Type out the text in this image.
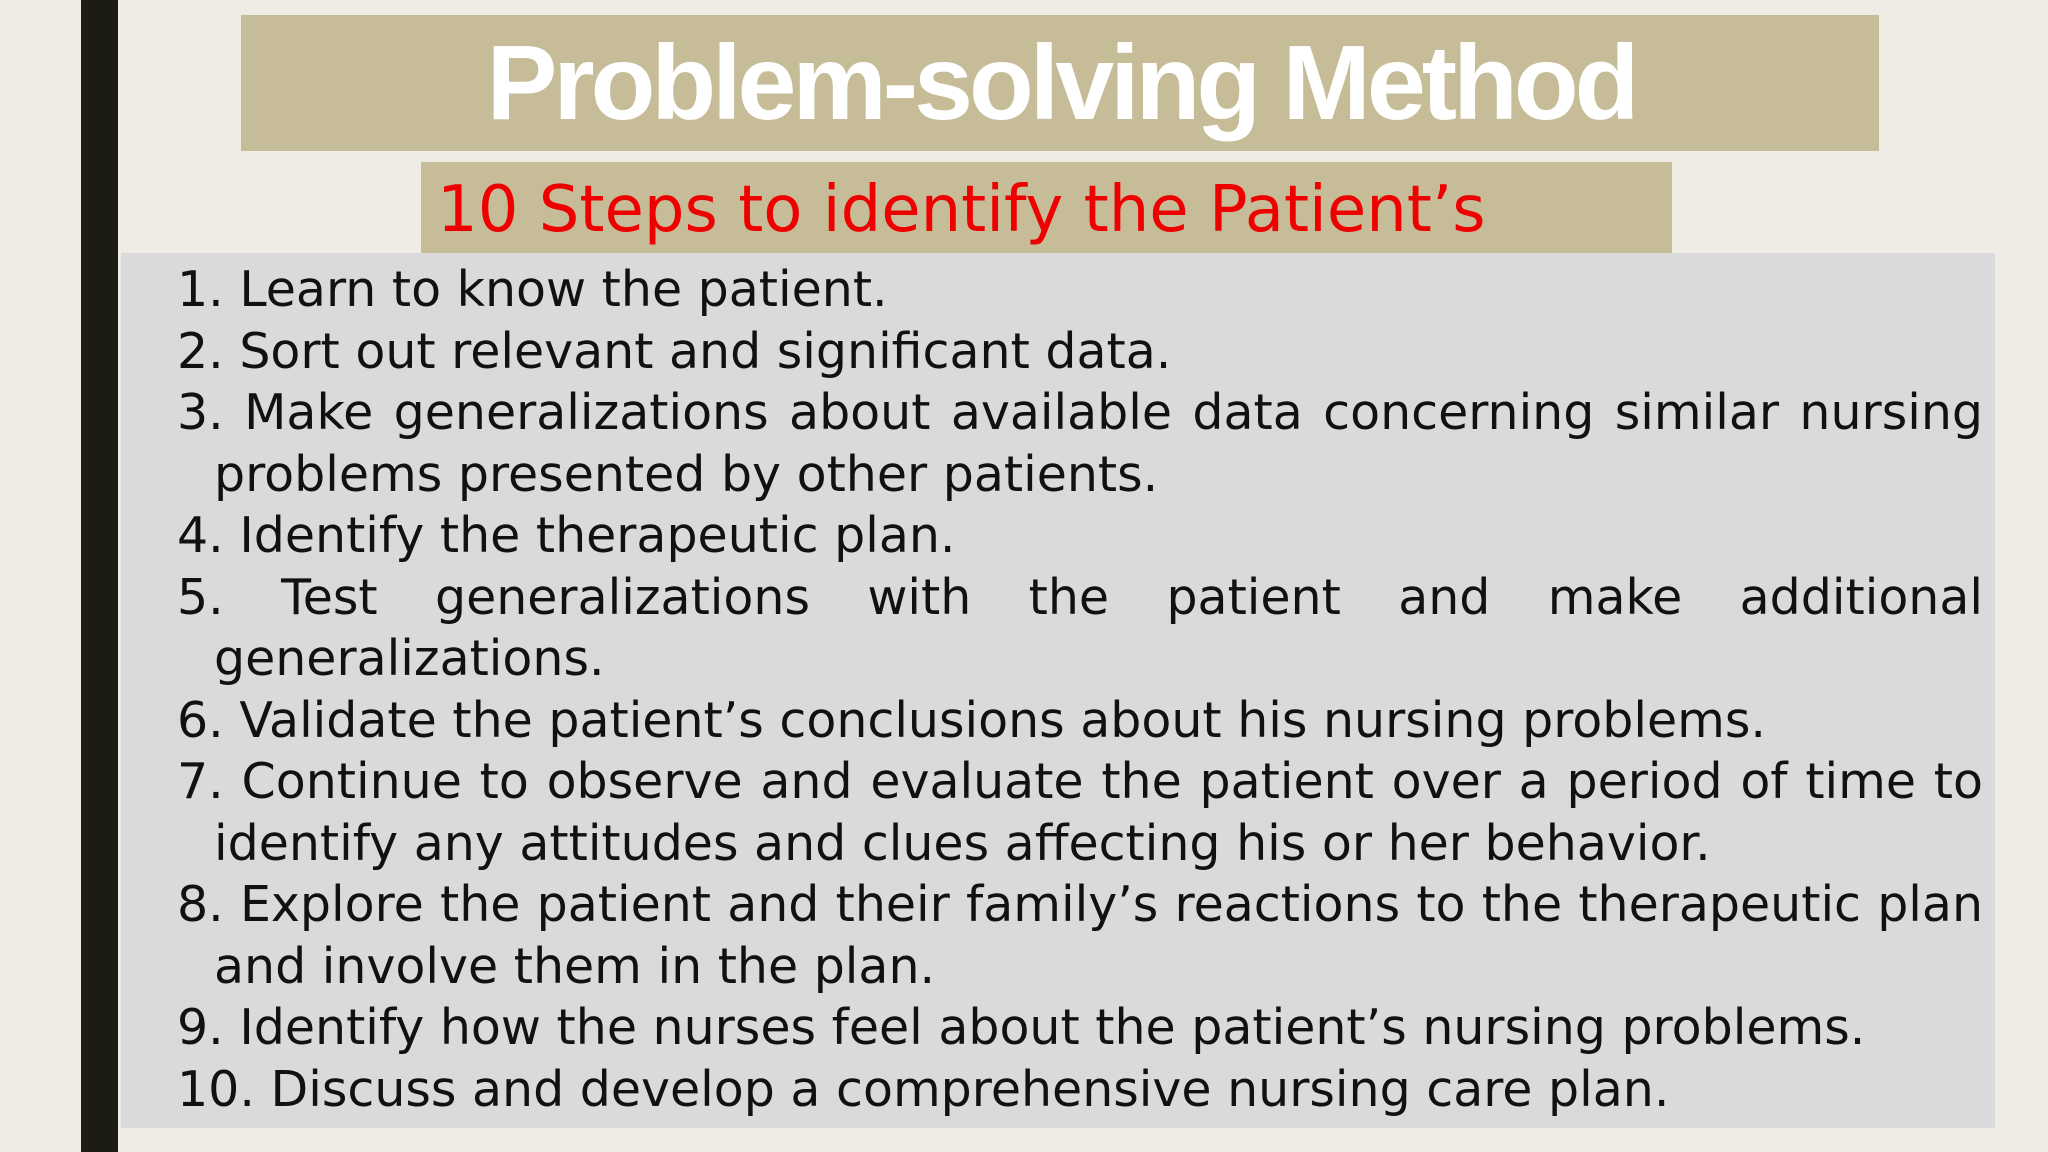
Problem-solving Method
10 Steps to identify the Patient’s
1. Learn to know the patient.
2. Sort out relevant and significant data.
3. Make generalizations about available data concerning similar nursing problems presented by other patients.
4. Identify the therapeutic plan.
5. Test generalizations with the patient and make additional generalizations.
6. Validate the patient’s conclusions about his nursing problems.
7. Continue to observe and evaluate the patient over a period of time to identify any attitudes and clues affecting his or her behavior.
8. Explore the patient and their family’s reactions to the therapeutic plan and involve them in the plan.
9. Identify how the nurses feel about the patient’s nursing problems.
10. Discuss and develop a comprehensive nursing care plan.
